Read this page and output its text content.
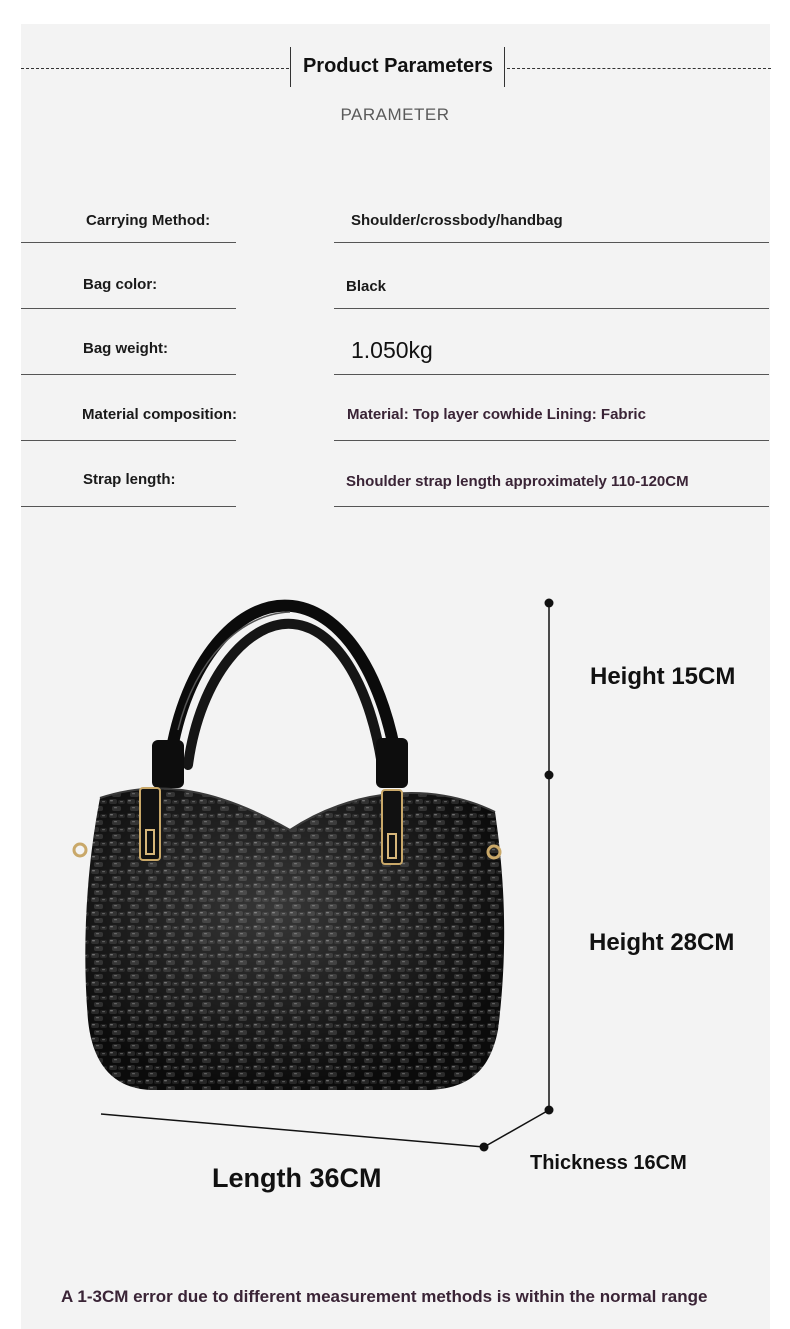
Product Parameters
PARAMETER
Carrying Method:	Shoulder/crossbody/handbag
Bag color:	Black
Bag weight:	1.050kg
Material composition:	Material: Top layer cowhide Lining: Fabric
Strap length:	Shoulder strap length approximately 110-120CM
Height 15CM
Height 28CM
Thickness 16CM
Length 36CM
A 1-3CM error due to different measurement methods is within the normal range
